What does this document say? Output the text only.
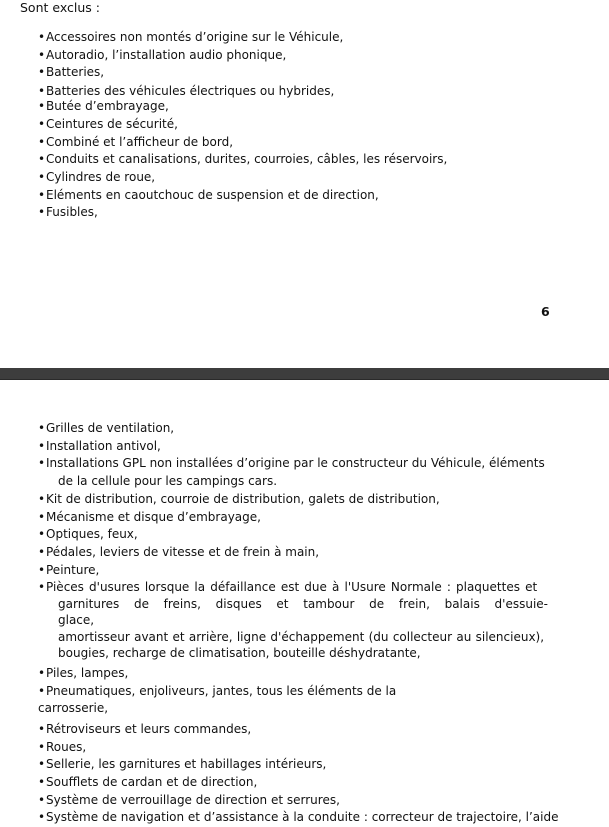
Sont exclus :
• Accessoires non montés d’origine sur le Véhicule,
• Autoradio, l’installation audio phonique,
• Batteries,
• Batteries des véhicules électriques ou hybrides,
• Butée d’embrayage,
• Ceintures de sécurité,
• Combiné et l’afficheur de bord,
• Conduits et canalisations, durites, courroies, câbles, les réservoirs,
• Cylindres de roue,
• Eléments en caoutchouc de suspension et de direction,
• Fusibles,
6
• Grilles de ventilation,
• Installation antivol,
• Installations GPL non installées d’origine par le constructeur du Véhicule, éléments
de la cellule pour les campings cars.
• Kit de distribution, courroie de distribution, galets de distribution,
• Mécanisme et disque d’embrayage,
• Optiques, feux,
• Pédales, leviers de vitesse et de frein à main,
• Peinture,
• Pièces d'usures lorsque la défaillance est due à l'Usure Normale : plaquettes et
garnitures de freins, disques et tambour de frein, balais d'essuie-glace,
amortisseur avant et arrière, ligne d'échappement (du collecteur au silencieux),
bougies, recharge de climatisation, bouteille déshydratante,
• Piles, lampes,
• Pneumatiques, enjoliveurs, jantes, tous les éléments de la
carrosserie,
• Rétroviseurs et leurs commandes,
• Roues,
• Sellerie, les garnitures et habillages intérieurs,
• Soufflets de cardan et de direction,
• Système de verrouillage de direction et serrures,
• Système de navigation et d’assistance à la conduite : correcteur de trajectoire, l’aide
